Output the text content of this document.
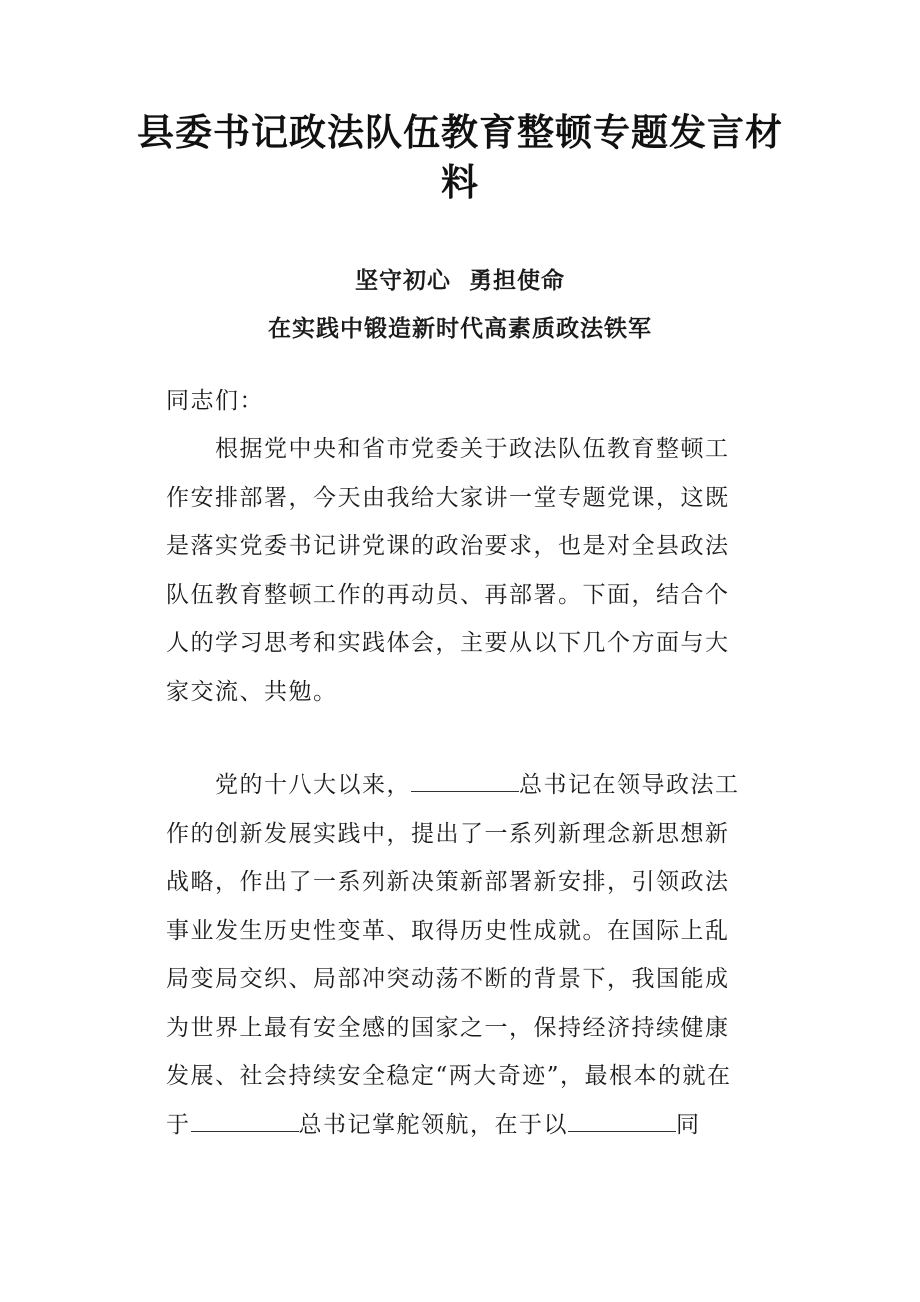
县委书记政法队伍教育整顿专题发言材料
坚守初心  勇担使命
在实践中锻造新时代高素质政法铁军

同志们：

根据党中央和省市党委关于政法队伍教育整顿工作安排部署，今天由我给大家讲一堂专题党课，这既是落实党委书记讲党课的政治要求，也是对全县政法队伍教育整顿工作的再动员、再部署。下面，结合个人的学习思考和实践体会，主要从以下几个方面与大家交流、共勉。

党的十八大以来，	总书记在领导政法工作的创新发展实践中，提出了一系列新理念新思想新战略，作出了一系列新决策新部署新安排，引领政法事业发生历史性变革、取得历史性成就。在国际上乱局变局交织、局部冲突动荡不断的背景下，我国能成为世界上最有安全感的国家之一，保持经济持续健康发展、社会持续安全稳定“两大奇迹”，最根本的就在于	总书记掌舵领航，在于以	同
